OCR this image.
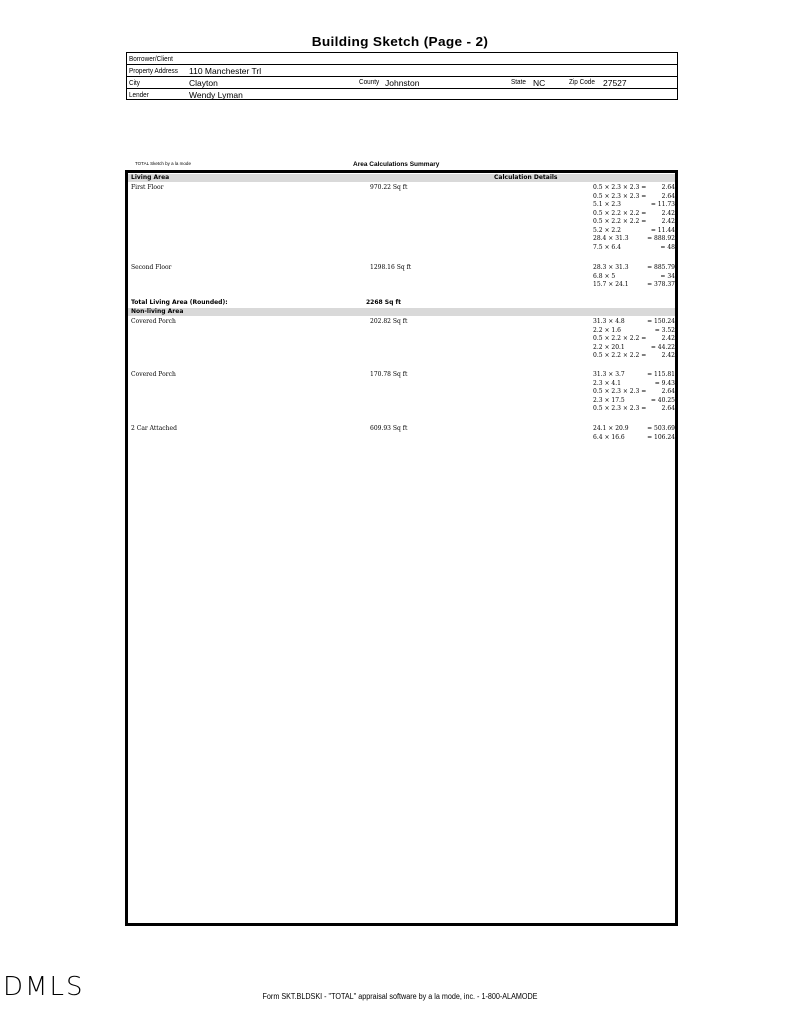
Building Sketch (Page - 2)
Borrower/Client
Property Address 110 Manchester Trl
City	Clayton	County Johnston	State NC	Zip Code 27527
Lender	Wendy Lyman
TOTAL Sketch by a la mode	Area Calculations Summary
Living Area	Calculation Details
First Floor	970.22 Sq ft	0.5 × 2.3 × 2.3 =	2.64
0.5 × 2.3 × 2.3 =	2.64
5.1 × 2.3	= 11.73
0.5 × 2.2 × 2.2 =	2.42
0.5 × 2.2 × 2.2 =	2.42
5.2 × 2.2	= 11.44
28.4 × 31.3	= 888.92
7.5 × 6.4	= 48
Second Floor	1298.16 Sq ft	28.3 × 31.3	= 885.79
6.8 × 5	= 34
15.7 × 24.1	= 378.37
Total Living Area (Rounded):	2268 Sq ft
Non-living Area
Covered Porch	202.82 Sq ft	31.3 × 4.8	= 150.24
2.2 × 1.6	= 3.52
0.5 × 2.2 × 2.2 =	2.42
2.2 × 20.1	= 44.22
0.5 × 2.2 × 2.2 =	2.42
Covered Porch	170.78 Sq ft	31.3 × 3.7	= 115.81
2.3 × 4.1	= 9.43
0.5 × 2.3 × 2.3 =	2.64
2.3 × 17.5	= 40.25
0.5 × 2.3 × 2.3 =	2.64
2 Car Attached	609.93 Sq ft	24.1 × 20.9	= 503.69
6.4 × 16.6	= 106.24
DMLS	Form SKT.BLDSKI - "TOTAL" appraisal software by a la mode, inc. - 1-800-ALAMODE
